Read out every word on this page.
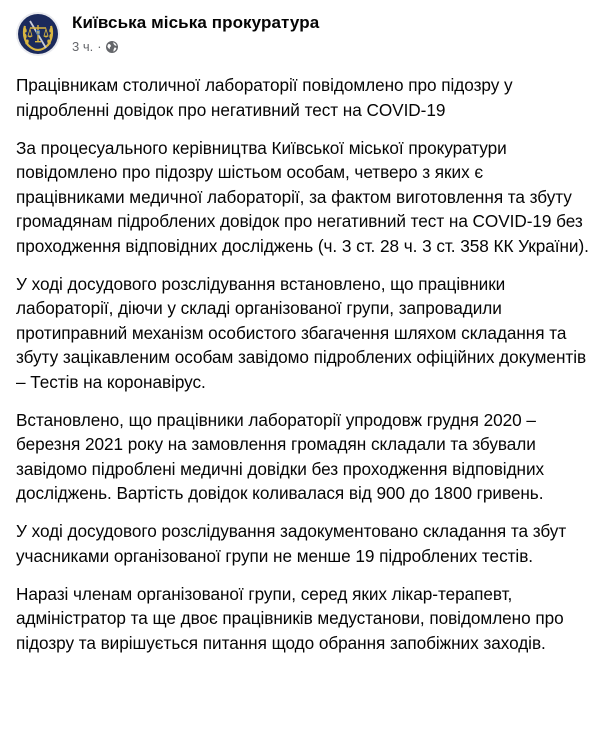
Київська міська прокуратура
3 ч. ·

Працівникам столичної лабораторії повідомлено про підозру у підробленні довідок про негативний тест на COVID-19

За процесуального керівництва Київської міської прокуратури повідомлено про підозру шістьом особам, четверо з яких є працівниками медичної лабораторії, за фактом виготовлення та збуту громадянам підроблених довідок про негативний тест на COVID-19 без проходження відповідних досліджень (ч. 3 ст. 28 ч. 3 ст. 358 КК України).

У ході досудового розслідування встановлено, що працівники лабораторії, діючи у складі організованої групи, запровадили протиправний механізм особистого збагачення шляхом складання та збуту зацікавленим особам завідомо підроблених офіційних документів – Тестів на коронавірус.

Встановлено, що працівники лабораторії упродовж грудня 2020 – березня 2021 року на замовлення громадян складали та збували завідомо підроблені медичні довідки без проходження відповідних досліджень. Вартість довідок коливалася від 900 до 1800 гривень.

У ході досудового розслідування задокументовано складання та збут учасниками організованої групи не менше 19 підроблених тестів.

Наразі членам організованої групи, серед яких лікар-терапевт, адміністратор та ще двоє працівників медустанови, повідомлено про підозру та вирішується питання щодо обрання запобіжних заходів.
